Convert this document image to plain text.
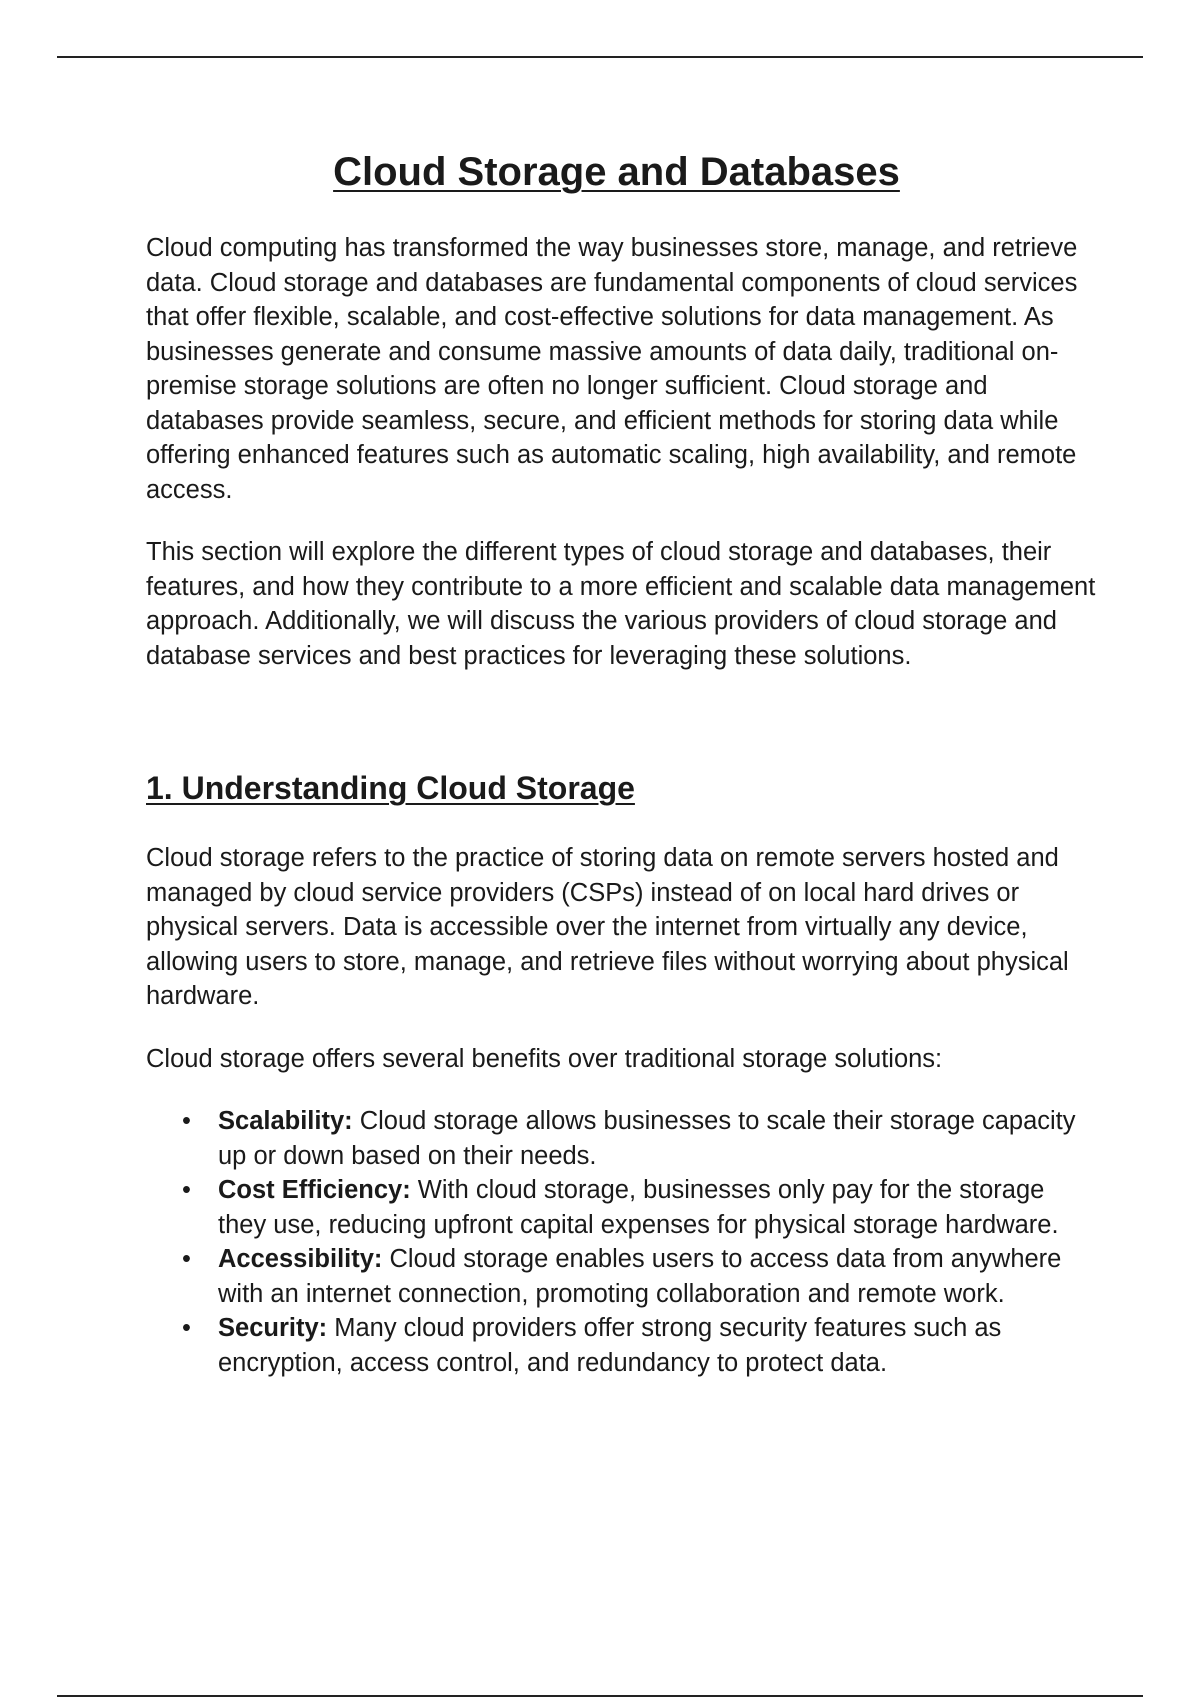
Cloud Storage and Databases

Cloud computing has transformed the way businesses store, manage, and retrieve data. Cloud storage and databases are fundamental components of cloud services that offer flexible, scalable, and cost-effective solutions for data management. As businesses generate and consume massive amounts of data daily, traditional on-premise storage solutions are often no longer sufficient. Cloud storage and databases provide seamless, secure, and efficient methods for storing data while offering enhanced features such as automatic scaling, high availability, and remote access.

This section will explore the different types of cloud storage and databases, their features, and how they contribute to a more efficient and scalable data management approach. Additionally, we will discuss the various providers of cloud storage and database services and best practices for leveraging these solutions.

1. Understanding Cloud Storage

Cloud storage refers to the practice of storing data on remote servers hosted and managed by cloud service providers (CSPs) instead of on local hard drives or physical servers. Data is accessible over the internet from virtually any device, allowing users to store, manage, and retrieve files without worrying about physical hardware.

Cloud storage offers several benefits over traditional storage solutions:

• Scalability: Cloud storage allows businesses to scale their storage capacity up or down based on their needs.
• Cost Efficiency: With cloud storage, businesses only pay for the storage they use, reducing upfront capital expenses for physical storage hardware.
• Accessibility: Cloud storage enables users to access data from anywhere with an internet connection, promoting collaboration and remote work.
• Security: Many cloud providers offer strong security features such as encryption, access control, and redundancy to protect data.
